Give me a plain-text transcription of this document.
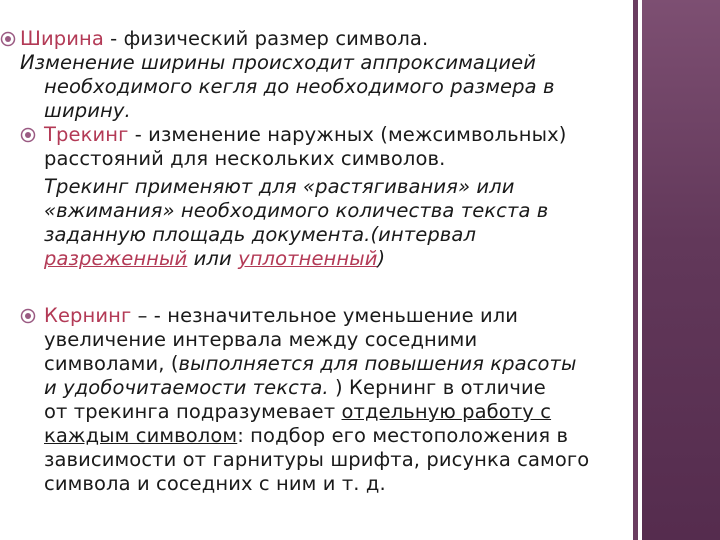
Ширина - физический размер символа.
Изменение ширины происходит аппроксимацией
необходимого кегля до необходимого размера в
ширину.
Трекинг - изменение наружных (межсимвольных)
расстояний для нескольких символов.
Трекинг применяют для «растягивания» или
«вжимания» необходимого количества текста в
заданную площадь документа.(интервал
разреженный или уплотненный)
Кернинг – - незначительное уменьшение или
увеличение интервала между соседними
символами, (выполняется для повышения красоты
и удобочитаемости текста. ) Кернинг в отличие
от трекинга подразумевает отдельную работу с
каждым символом: подбор его местоположения в
зависимости от гарнитуры шрифта, рисунка самого
символа и соседних с ним и т. д.
